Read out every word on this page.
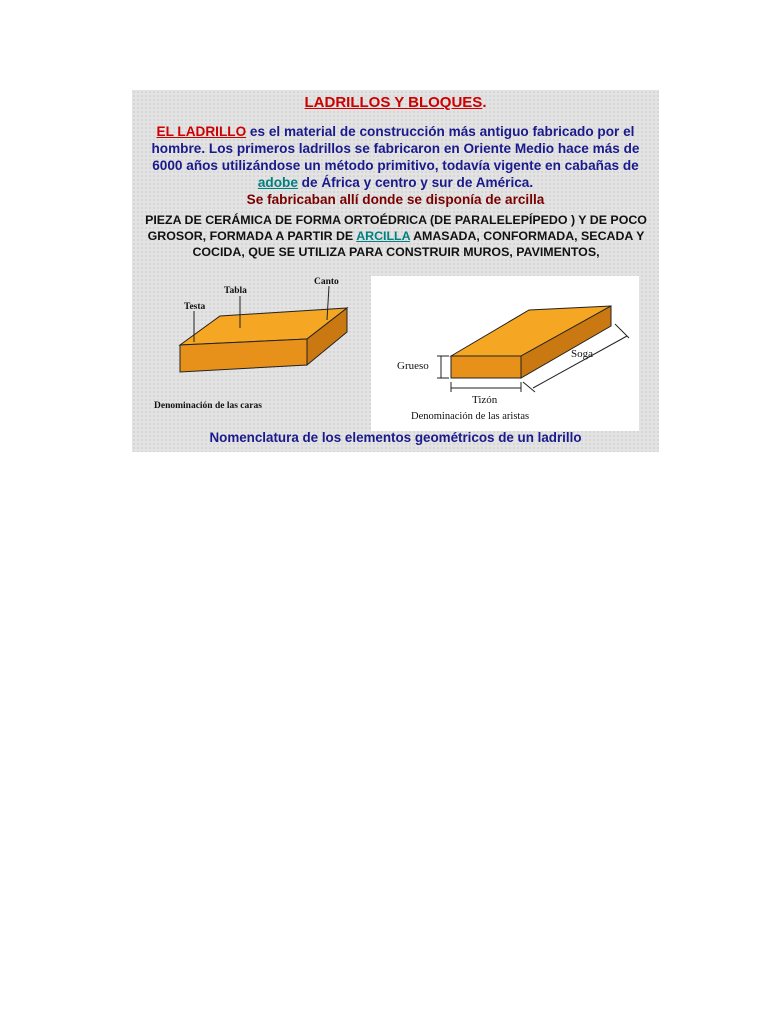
LADRILLOS Y BLOQUES.
EL LADRILLO es el material de construcción más antiguo fabricado por el hombre. Los primeros ladrillos se fabricaron en Oriente Medio hace más de 6000 años utilizándose un método primitivo, todavía vigente en cabañas de adobe de África y centro y sur de América.
Se fabricaban allí donde se disponía de arcilla
PIEZA DE CERÁMICA DE FORMA ORTOÉDRICA (DE PARALELEPÍPEDO ) Y DE POCO GROSOR, FORMADA A PARTIR DE ARCILLA AMASADA, CONFORMADA, SECADA Y COCIDA, QUE SE UTILIZA PARA CONSTRUIR MUROS, PAVIMENTOS,
Testa
Tabla
Canto
Denominación de las caras
Grueso
Tizón
Soga
Denominación de las aristas
Nomenclatura de los elementos geométricos de un ladrillo
